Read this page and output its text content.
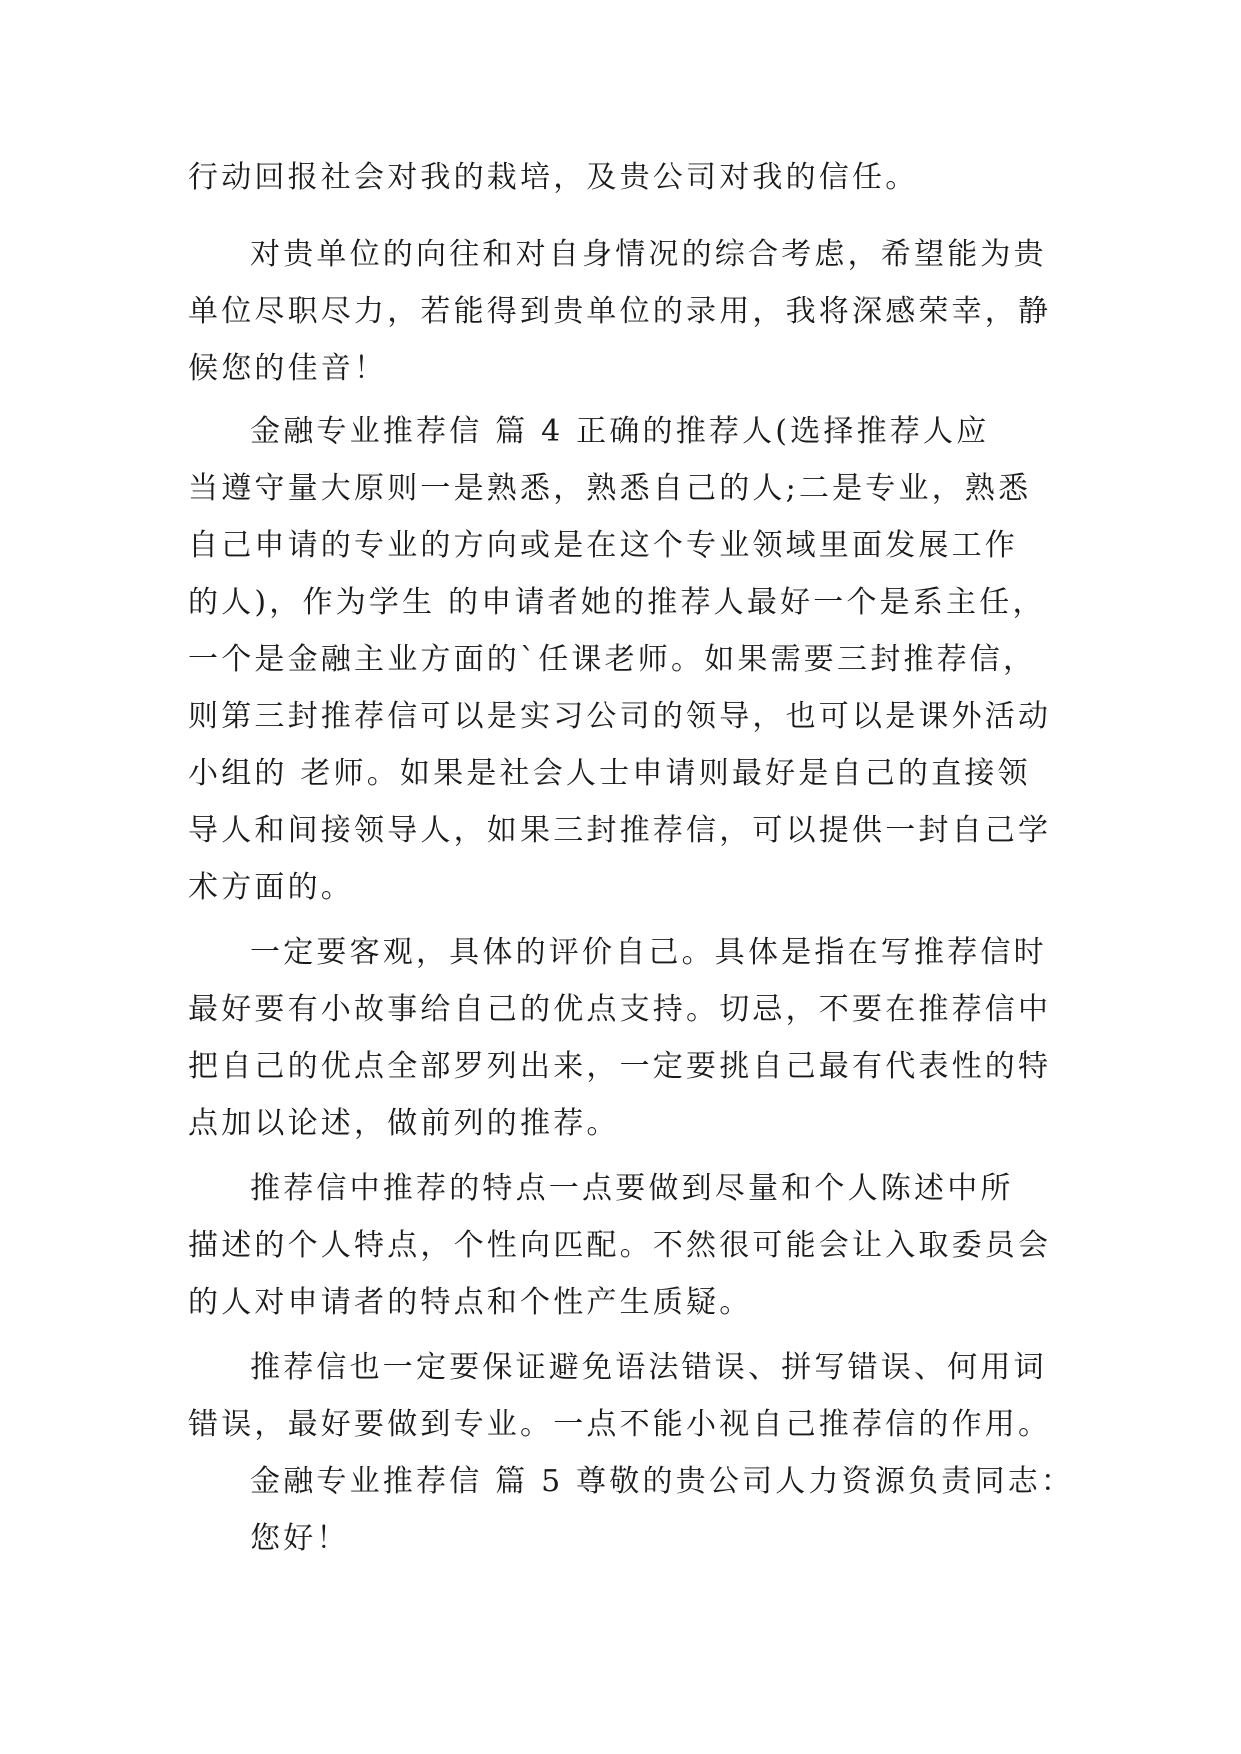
行动回报社会对我的栽培，及贵公司对我的信任。
对贵单位的向往和对自身情况的综合考虑，希望能为贵
单位尽职尽力，若能得到贵单位的录用，我将深感荣幸，静
候您的佳音！
金融专业推荐信 篇 4 正确的推荐人(选择推荐人应
当遵守量大原则一是熟悉，熟悉自己的人;二是专业，熟悉
自己申请的专业的方向或是在这个专业领域里面发展工作
的人)，作为学生 的申请者她的推荐人最好一个是系主任，
一个是金融主业方面的`任课老师。如果需要三封推荐信，
则第三封推荐信可以是实习公司的领导，也可以是课外活动
小组的 老师。如果是社会人士申请则最好是自己的直接领
导人和间接领导人，如果三封推荐信，可以提供一封自己学
术方面的。
一定要客观，具体的评价自己。具体是指在写推荐信时
最好要有小故事给自己的优点支持。切忌，不要在推荐信中
把自己的优点全部罗列出来，一定要挑自己最有代表性的特
点加以论述，做前列的推荐。
推荐信中推荐的特点一点要做到尽量和个人陈述中所
描述的个人特点，个性向匹配。不然很可能会让入取委员会
的人对申请者的特点和个性产生质疑。
推荐信也一定要保证避免语法错误、拼写错误、何用词
错误，最好要做到专业。一点不能小视自己推荐信的作用。
金融专业推荐信 篇 5 尊敬的贵公司人力资源负责同志：
您好！
